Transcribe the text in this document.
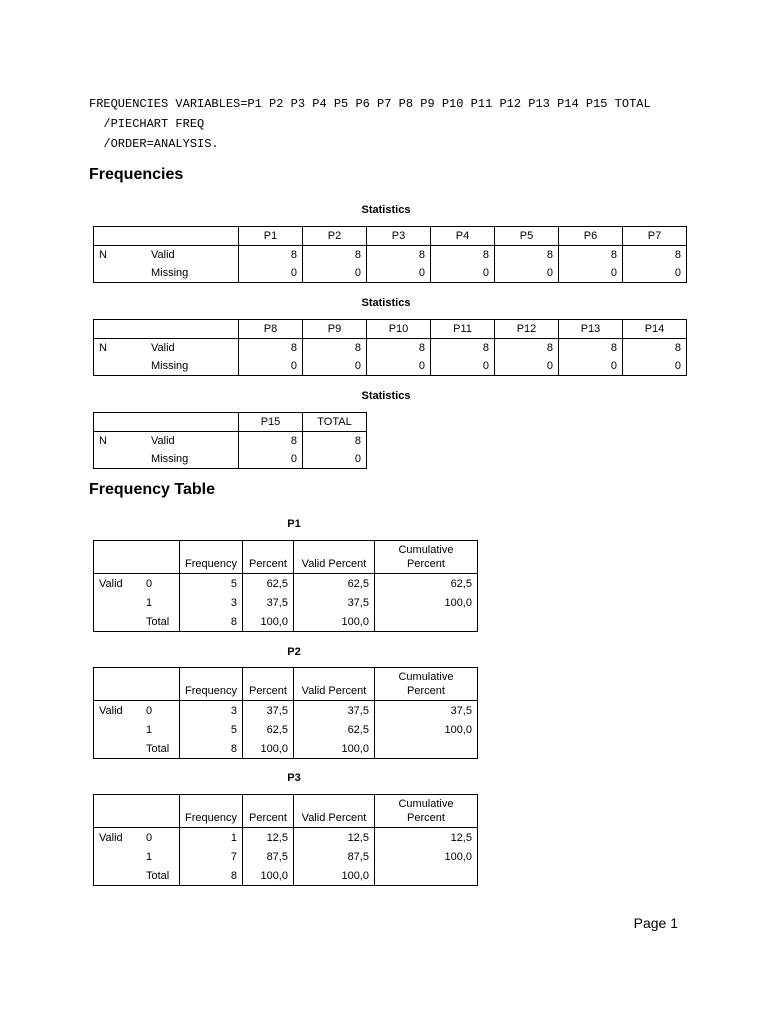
FREQUENCIES VARIABLES=P1 P2 P3 P4 P5 P6 P7 P8 P9 P10 P11 P12 P13 P14 P15 TOTAL
/PIECHART FREQ
/ORDER=ANALYSIS.
Frequencies
Statistics
		P1	P2	P3	P4	P5	P6	P7
N	Valid	8	8	8	8	8	8	8
	Missing	0	0	0	0	0	0	0
Statistics
		P8	P9	P10	P11	P12	P13	P14
N	Valid	8	8	8	8	8	8	8
	Missing	0	0	0	0	0	0	0
Statistics
		P15	TOTAL
N	Valid	8	8
	Missing	0	0
Frequency Table
P1
		Frequency	Percent	Valid Percent	Cumulative Percent
Valid	0	5	62,5	62,5	62,5
	1	3	37,5	37,5	100,0
	Total	8	100,0	100,0	
P2
		Frequency	Percent	Valid Percent	Cumulative Percent
Valid	0	3	37,5	37,5	37,5
	1	5	62,5	62,5	100,0
	Total	8	100,0	100,0	
P3
		Frequency	Percent	Valid Percent	Cumulative Percent
Valid	0	1	12,5	12,5	12,5
	1	7	87,5	87,5	100,0
	Total	8	100,0	100,0	
Page 1
